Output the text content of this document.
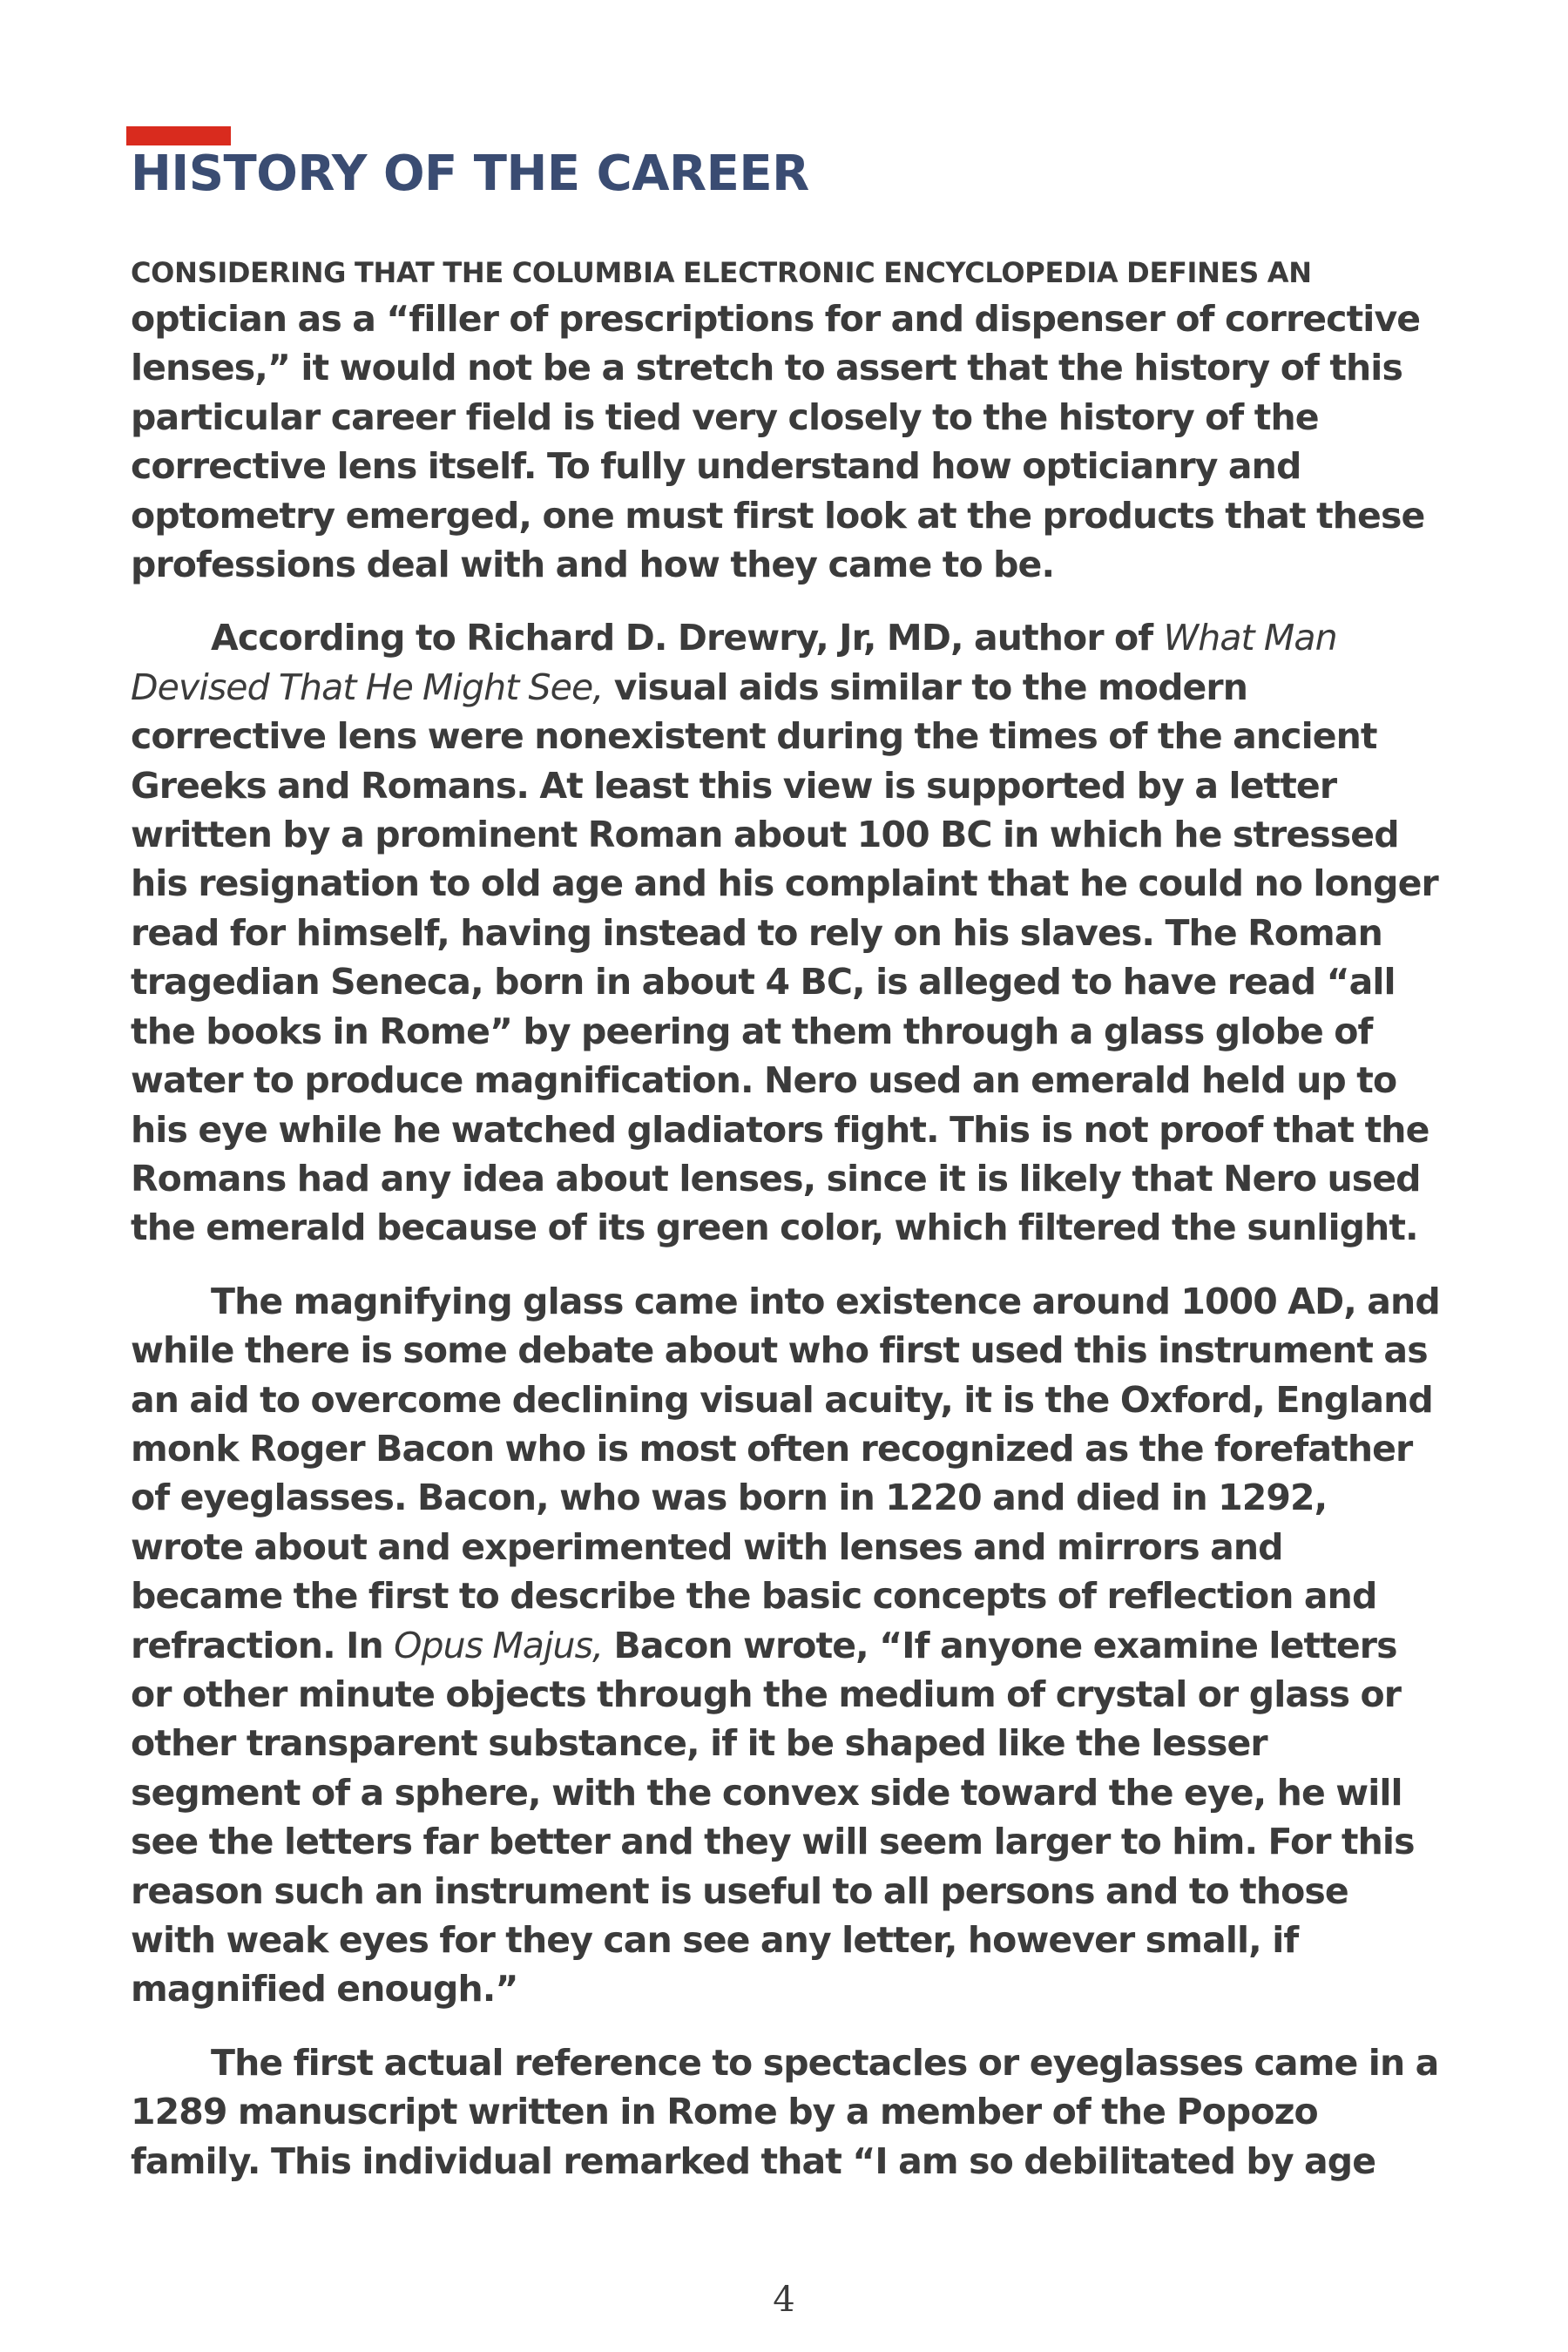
HISTORY OF THE CAREER

CONSIDERING THAT THE COLUMBIA ELECTRONIC ENCYCLOPEDIA DEFINES AN
optician as a “filler of prescriptions for and dispenser of corrective lenses,” it would not be a stretch to assert that the history of this particular career field is tied very closely to the history of the corrective lens itself. To fully understand how opticianry and optometry emerged, one must first look at the products that these professions deal with and how they came to be.

According to Richard D. Drewry, Jr, MD, author of What Man Devised That He Might See, visual aids similar to the modern corrective lens were nonexistent during the times of the ancient Greeks and Romans. At least this view is supported by a letter written by a prominent Roman about 100 BC in which he stressed his resignation to old age and his complaint that he could no longer read for himself, having instead to rely on his slaves. The Roman tragedian Seneca, born in about 4 BC, is alleged to have read “all the books in Rome” by peering at them through a glass globe of water to produce magnification. Nero used an emerald held up to his eye while he watched gladiators fight. This is not proof that the Romans had any idea about lenses, since it is likely that Nero used the emerald because of its green color, which filtered the sunlight.

The magnifying glass came into existence around 1000 AD, and while there is some debate about who first used this instrument as an aid to overcome declining visual acuity, it is the Oxford, England monk Roger Bacon who is most often recognized as the forefather of eyeglasses. Bacon, who was born in 1220 and died in 1292, wrote about and experimented with lenses and mirrors and became the first to describe the basic concepts of reflection and refraction. In Opus Majus, Bacon wrote, “If anyone examine letters or other minute objects through the medium of crystal or glass or other transparent substance, if it be shaped like the lesser segment of a sphere, with the convex side toward the eye, he will see the letters far better and they will seem larger to him. For this reason such an instrument is useful to all persons and to those with weak eyes for they can see any letter, however small, if magnified enough.”

The first actual reference to spectacles or eyeglasses came in a 1289 manuscript written in Rome by a member of the Popozo family. This individual remarked that “I am so debilitated by age

4
